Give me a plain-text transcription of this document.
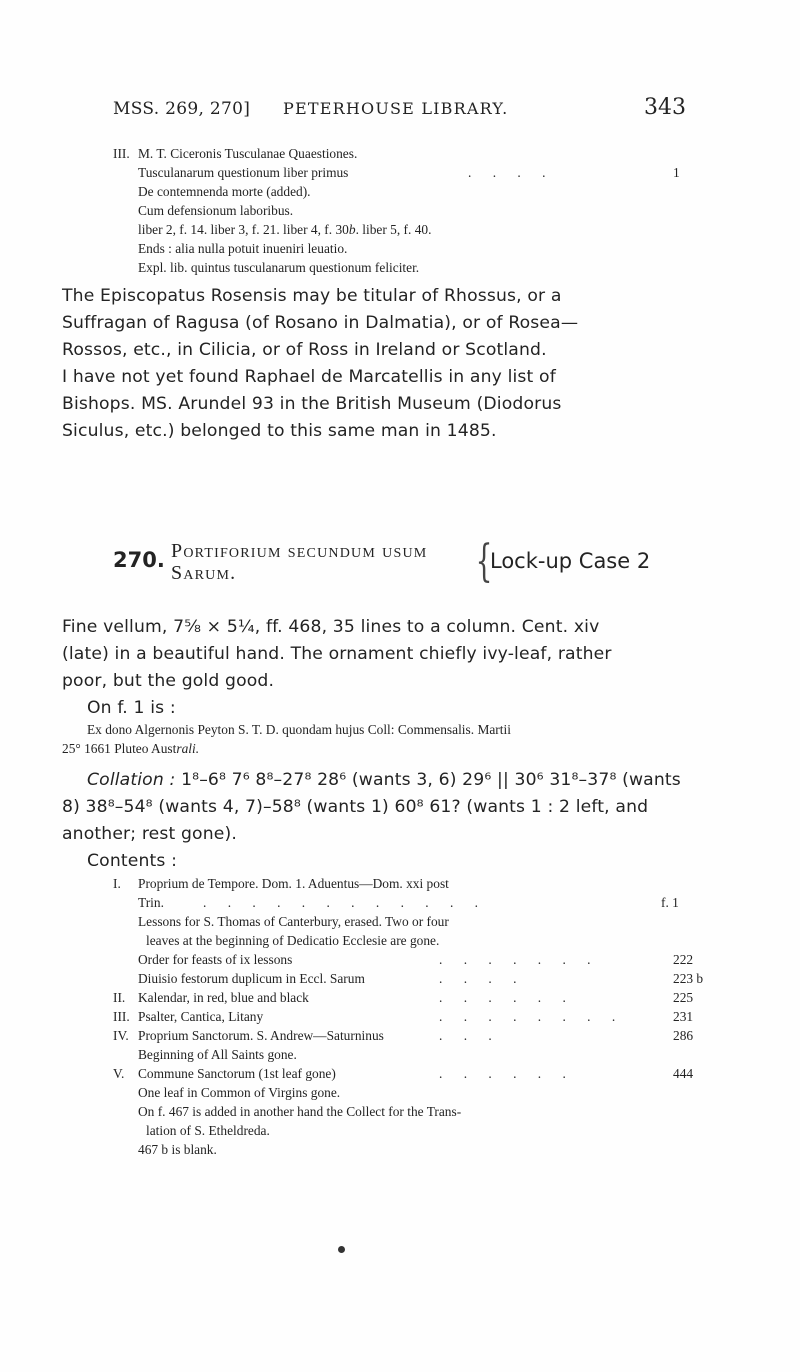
MSS. 269, 270] PETERHOUSE LIBRARY.	343
III. M. T. Ciceronis Tusculanae Quaestiones.
Tusculanarum questionum liber primus	. . . .	1
De contemnenda morte (added).
Cum defensionum laboribus.
liber 2, f. 14. liber 3, f. 21. liber 4, f. 30b. liber 5, f. 40.
Ends : alia nulla potuit inueniri leuatio.
Expl. lib. quintus tusculanarum questionum feliciter.
The Episcopatus Rosensis may be titular of Rhossus, or a
Suffragan of Ragusa (of Rosano in Dalmatia), or of Rosea—
Rossos, etc., in Cilicia, or of Ross in Ireland or Scotland.
I have not yet found Raphael de Marcatellis in any list of
Bishops. MS. Arundel 93 in the British Museum (Diodorus
Siculus, etc.) belonged to this same man in 1485.
270. Portiforium secundum usum
Sarum.	{
Lock-up Case 2
Fine vellum, 7⅝ × 5¼, ff. 468, 35 lines to a column. Cent. xiv
(late) in a beautiful hand. The ornament chiefly ivy-leaf, rather
poor, but the gold good.
On f. 1 is :
Ex dono Algernonis Peyton S. T. D. quondam hujus Coll: Commensalis. Martii
25° 1661 Pluteo Australi.
Collation : 1⁸–6⁸ 7⁶ 8⁸–27⁸ 28⁶ (wants 3, 6) 29⁶ || 30⁶ 31⁸–37⁸ (wants
8) 38⁸–54⁸ (wants 4, 7)–58⁸ (wants 1) 60⁸ 61? (wants 1 : 2 left, and
another; rest gone).
Contents :
I. Proprium de Tempore. Dom. 1. Aduentus—Dom. xxi post
Trin.	. . . . . . . . . . . .	f. 1
Lessons for S. Thomas of Canterbury, erased. Two or four
leaves at the beginning of Dedicatio Ecclesie are gone.
Order for feasts of ix lessons	. . . . . . .	222
Diuisio festorum duplicum in Eccl. Sarum	. . . .	223 b
II. Kalendar, in red, blue and black	. . . . . .	225
III. Psalter, Cantica, Litany	. . . . . . . .	231
IV. Proprium Sanctorum. S. Andrew—Saturninus	. . .	286
Beginning of All Saints gone.
V. Commune Sanctorum (1st leaf gone)	. . . . . .	444
One leaf in Common of Virgins gone.
On f. 467 is added in another hand the Collect for the Trans-
lation of S. Etheldreda.
467 b is blank.
